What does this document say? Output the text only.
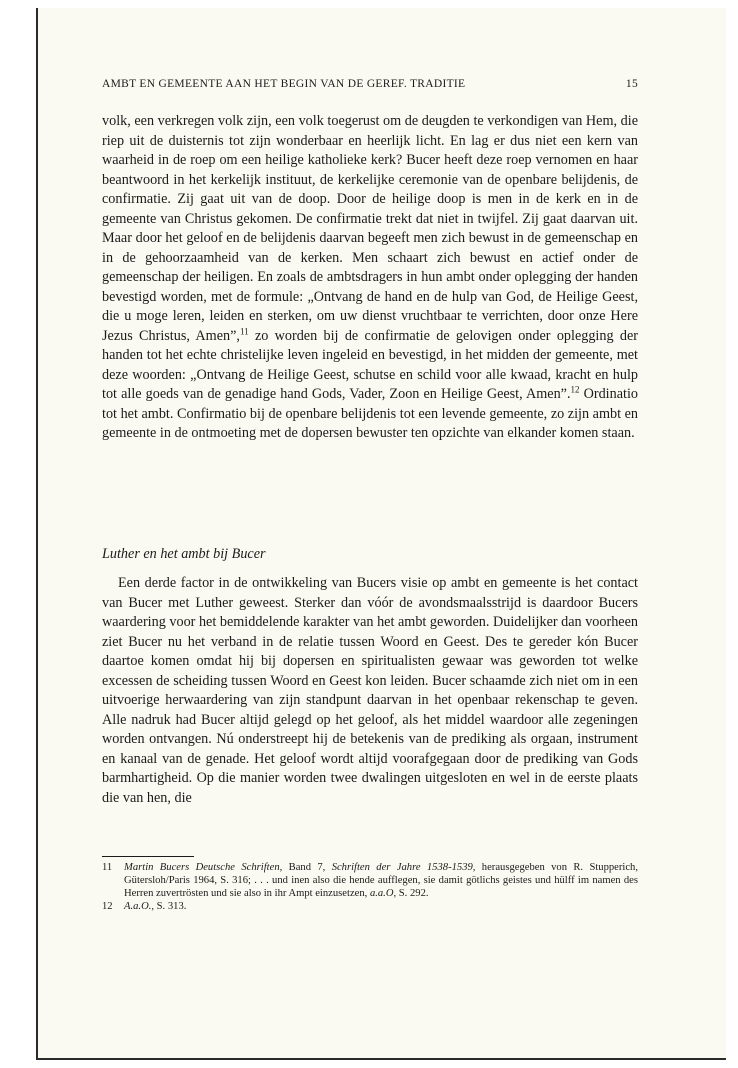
AMBT EN GEMEENTE AAN HET BEGIN VAN DE GEREF. TRADITIE	15

volk, een verkregen volk zijn, een volk toegerust om de deugden te verkondigen van Hem, die riep uit de duisternis tot zijn wonderbaar en heerlijk licht. En lag er dus niet een kern van waarheid in de roep om een heilige katholieke kerk? Bucer heeft deze roep vernomen en haar beantwoord in het kerkelijk instituut, de kerkelijke ceremonie van de openbare belijdenis, de confirmatie. Zij gaat uit van de doop. Door de heilige doop is men in de kerk en in de gemeente van Christus gekomen. De confirmatie trekt dat niet in twijfel. Zij gaat daarvan uit. Maar door het geloof en de belijdenis daarvan begeeft men zich bewust in de gemeenschap en in de gehoorzaamheid van de kerken. Men schaart zich bewust en actief onder de gemeenschap der heiligen. En zoals de ambtsdragers in hun ambt onder oplegging der handen bevestigd worden, met de formule: „Ontvang de hand en de hulp van God, de Heilige Geest, die u moge leren, leiden en sterken, om uw dienst vruchtbaar te verrichten, door onze Here Jezus Christus, Amen”,$^{11}$ zo worden bij de confirmatie de gelovigen onder oplegging der handen tot het echte christelijke leven ingeleid en bevestigd, in het midden der gemeente, met deze woorden: „Ontvang de Heilige Geest, schutse en schild voor alle kwaad, kracht en hulp tot alle goeds van de genadige hand Gods, Vader, Zoon en Heilige Geest, Amen”.$^{12}$ Ordinatio tot het ambt. Confirmatio bij de openbare belijdenis tot een levende gemeente, zo zijn ambt en gemeente in de ontmoeting met de dopersen bewuster ten opzichte van elkander komen staan.

Luther en het ambt bij Bucer
Een derde factor in de ontwikkeling van Bucers visie op ambt en gemeente is het contact van Bucer met Luther geweest. Sterker dan vóór de avondsmaalsstrijd is daardoor Bucers waardering voor het bemiddelende karakter van het ambt geworden. Duidelijker dan voorheen ziet Bucer nu het verband in de relatie tussen Woord en Geest. Des te gereder kón Bucer daartoe komen omdat hij bij dopersen en spiritualisten gewaar was geworden tot welke excessen de scheiding tussen Woord en Geest kon leiden. Bucer schaamde zich niet om in een uitvoerige herwaardering van zijn standpunt daarvan in het openbaar rekenschap te geven. Alle nadruk had Bucer altijd gelegd op het geloof, als het middel waardoor alle zegeningen worden ontvangen. Nú onderstreept hij de betekenis van de prediking als orgaan, instrument en kanaal van de genade. Het geloof wordt altijd voorafgegaan door de prediking van Gods barmhartigheid. Op die manier worden twee dwalingen uitgesloten en wel in de eerste plaats die van hen, die
11	Martin Bucers Deutsche Schriften, Band 7, Schriften der Jahre 1538-1539, herausgegeben von R. Stupperich, Gütersloh/Paris 1964, S. 316; . . . und inen also die hende aufflegen, sie damit götlichs geistes und hülff im namen des Herren zuvertrösten und sie also in ihr Ampt einzusetzen, a.a.O, S. 292.
12	A.a.O., S. 313.
